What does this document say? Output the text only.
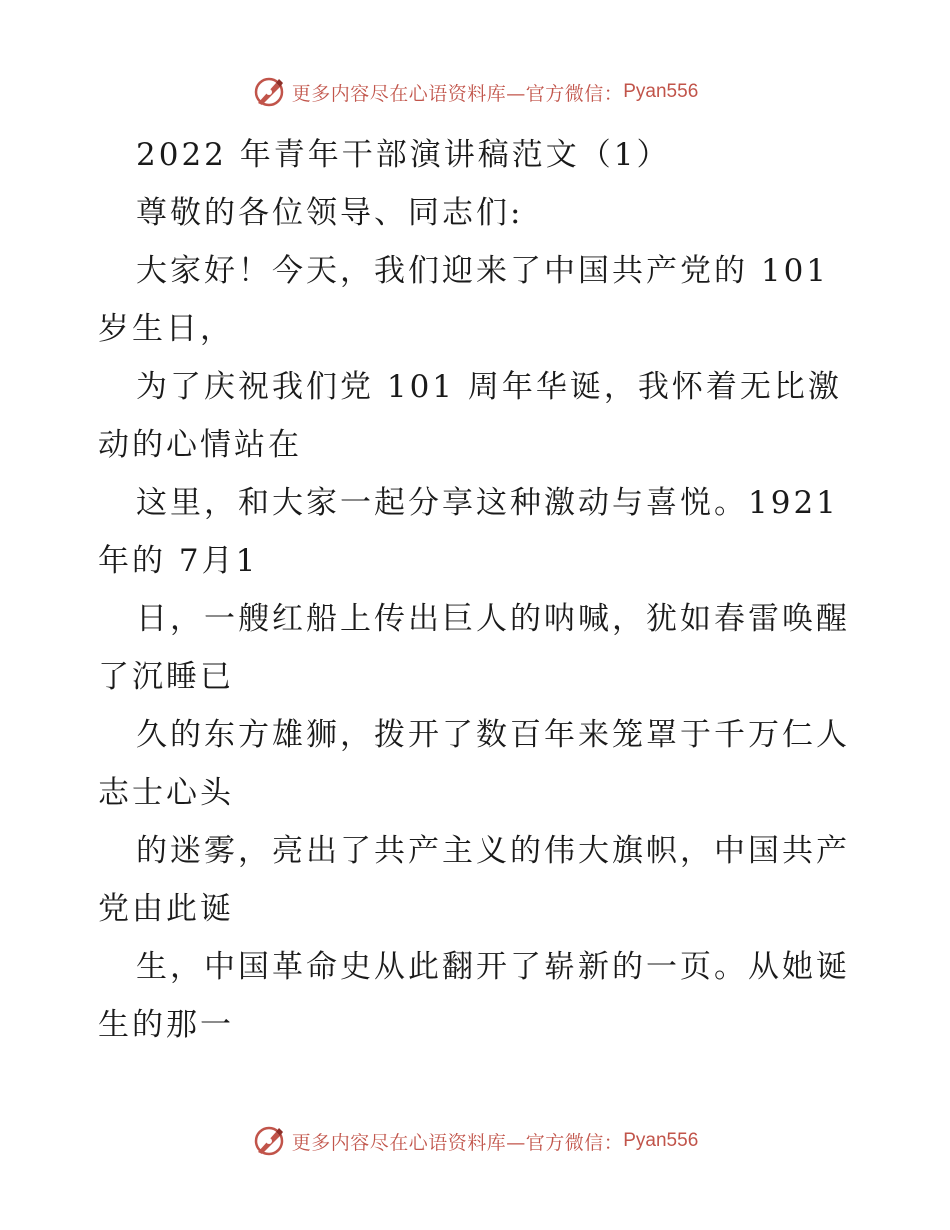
更多内容尽在心语资料库—官方微信： Pyan556
2022 年青年干部演讲稿范文（1）
尊敬的各位领导、同志们:
大家好！今天，我们迎来了中国共产党的 101
岁生日，
为了庆祝我们党 101 周年华诞，我怀着无比激
动的心情站在
这里，和大家一起分享这种激动与喜悦。1921
年的 7月1
日，一艘红船上传出巨人的呐喊，犹如春雷唤醒
了沉睡已
久的东方雄狮，拨开了数百年来笼罩于千万仁人
志士心头
的迷雾，亮出了共产主义的伟大旗帜，中国共产
党由此诞
生，中国革命史从此翻开了崭新的一页。从她诞
生的那一
更多内容尽在心语资料库—官方微信： Pyan556
